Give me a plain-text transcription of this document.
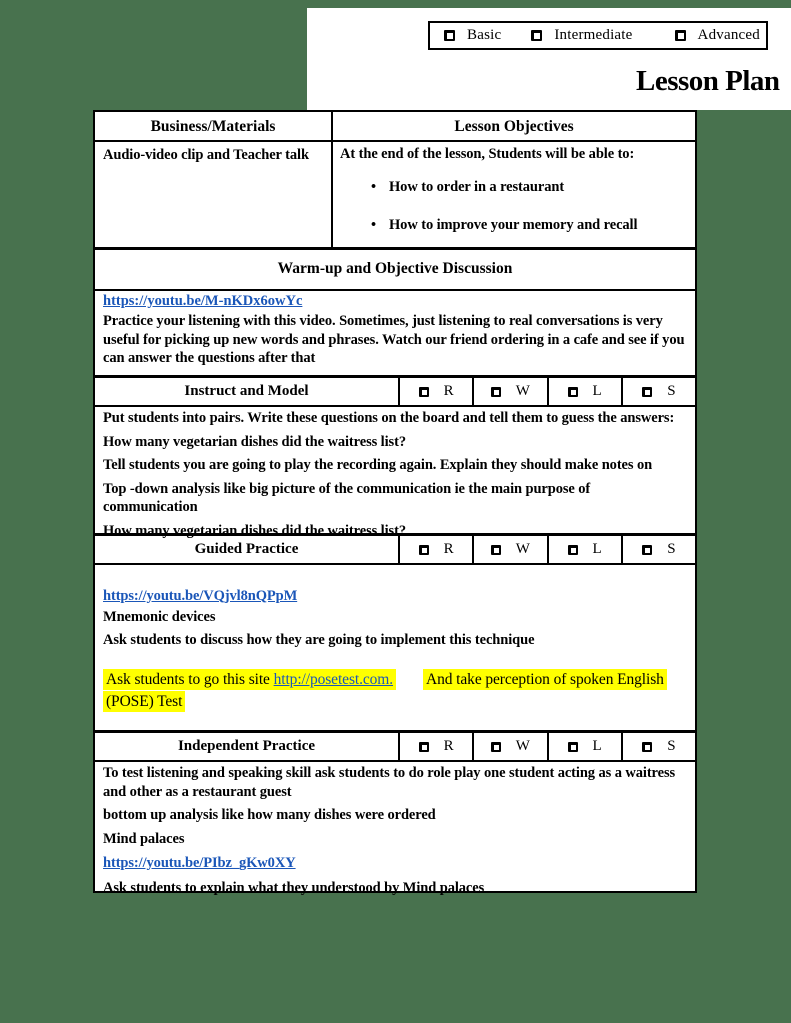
Basic	Intermediate	Advanced
Lesson Plan
Business/Materials	Lesson Objectives
Audio-video clip and Teacher talk	At the end of the lesson, Students will be able to:
• How to order in a restaurant
• How to improve your memory and recall
Warm-up and Objective Discussion
https://youtu.be/M-nKDx6owYc
Practice your listening with this video. Sometimes, just listening to real conversations is very useful for picking up new words and phrases. Watch our friend ordering in a cafe and see if you can answer the questions after that
Instruct and Model	R	W	L	S

Put students into pairs. Write these questions on the board and tell them to guess the answers:

How many vegetarian dishes did the waitress list?

Tell students you are going to play the recording again. Explain they should make notes on

Top -down analysis like big picture of the communication ie the main purpose of communication

How many vegetarian dishes did the waitress list?

Guided Practice	R	W	L	S
https://youtu.be/VQjvl8nQPpM

Mnemonic devices

Ask students to discuss how they are going to implement this technique

Ask students to go this site http://posetest.com. And take perception of spoken English
(POSE) Test
Independent Practice	R	W	L	S

To test listening and speaking skill ask students to do role play one student acting as a waitress and other as a restaurant guest

bottom up analysis like how many dishes were ordered

Mind palaces

https://youtu.be/PIbz_gKw0XY

Ask students to explain what they understood by Mind palaces
